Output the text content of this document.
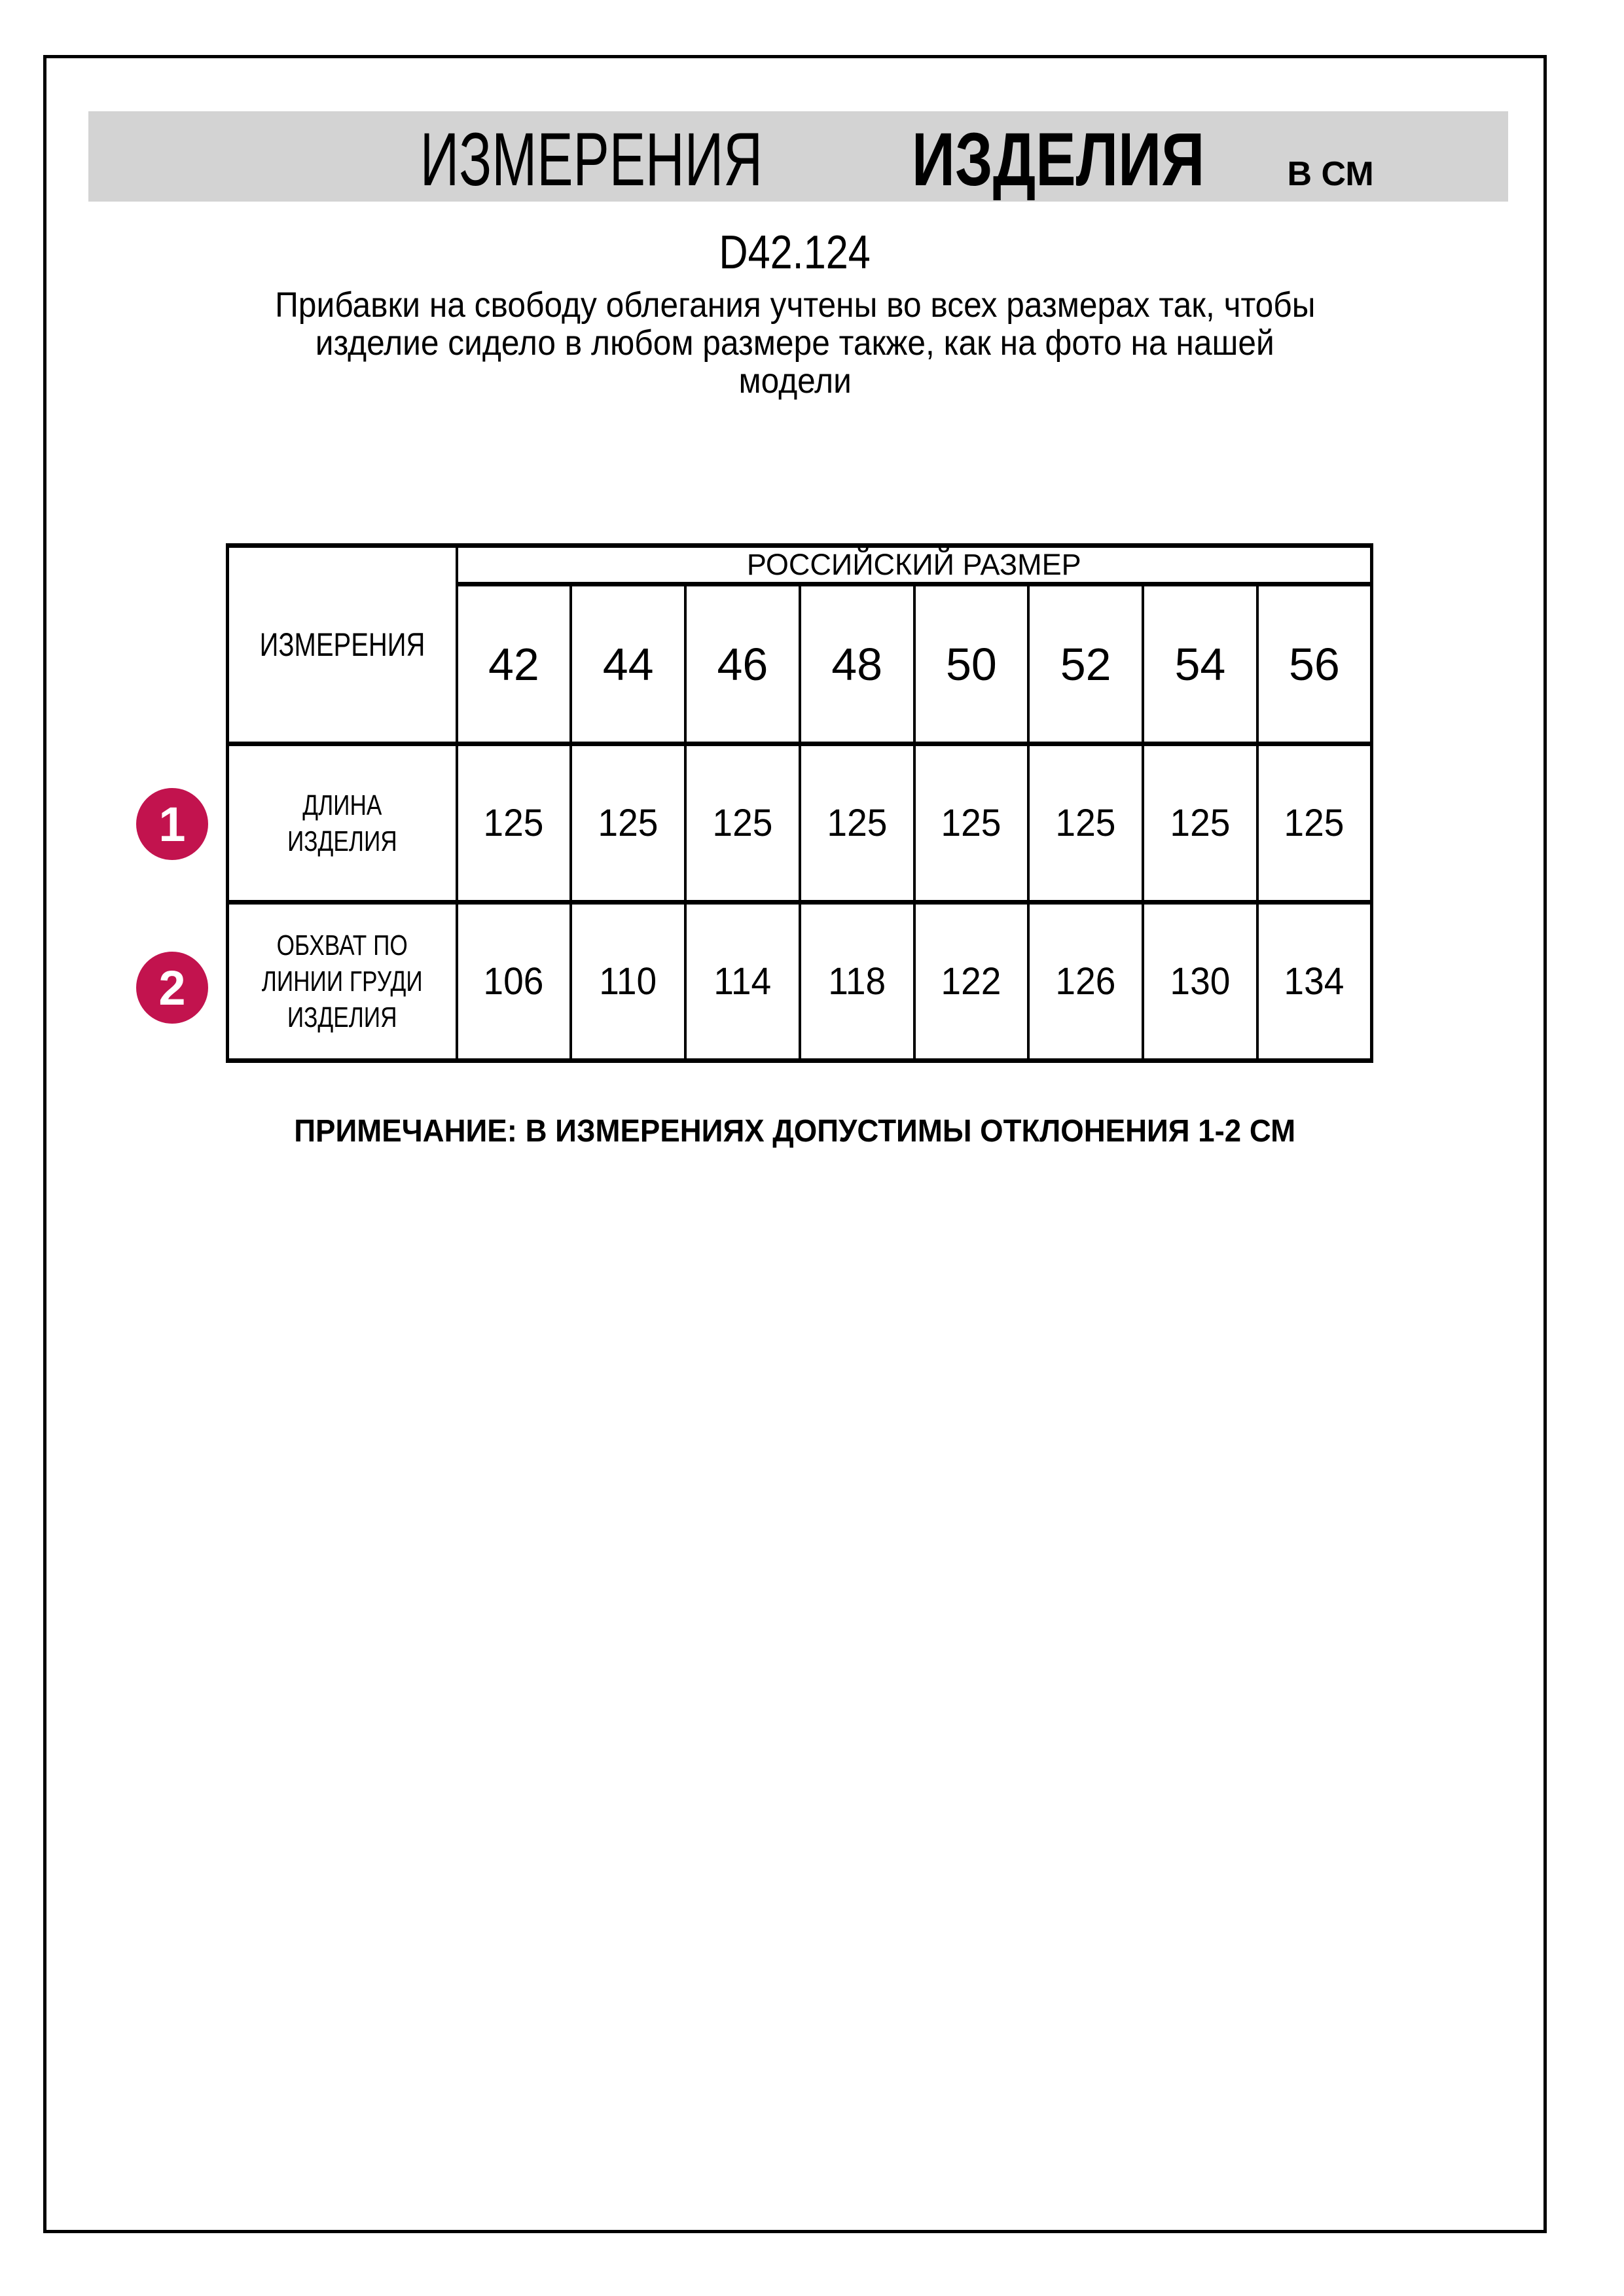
ИЗМЕРЕНИЯ ИЗДЕЛИЯ В СМ
D42.124
Прибавки на свободу облегания учтены во всех размерах так, чтобы
изделие сидело в любом размере также, как на фото на нашей
модели
ИЗМЕРЕНИЯ	РОССИЙСКИЙ РАЗМЕР							
	42	44	46	48	50	52	54	56

ДЛИНА
ИЗДЕЛИЯ	125	125	125	125	125	125	125	125

ОБХВАТ ПО
ЛИНИИ ГРУДИ
ИЗДЕЛИЯ	106	110	114	118	122	126	130	134
1
2
ПРИМЕЧАНИЕ: В ИЗМЕРЕНИЯХ ДОПУСТИМЫ ОТКЛОНЕНИЯ 1-2 СМ
